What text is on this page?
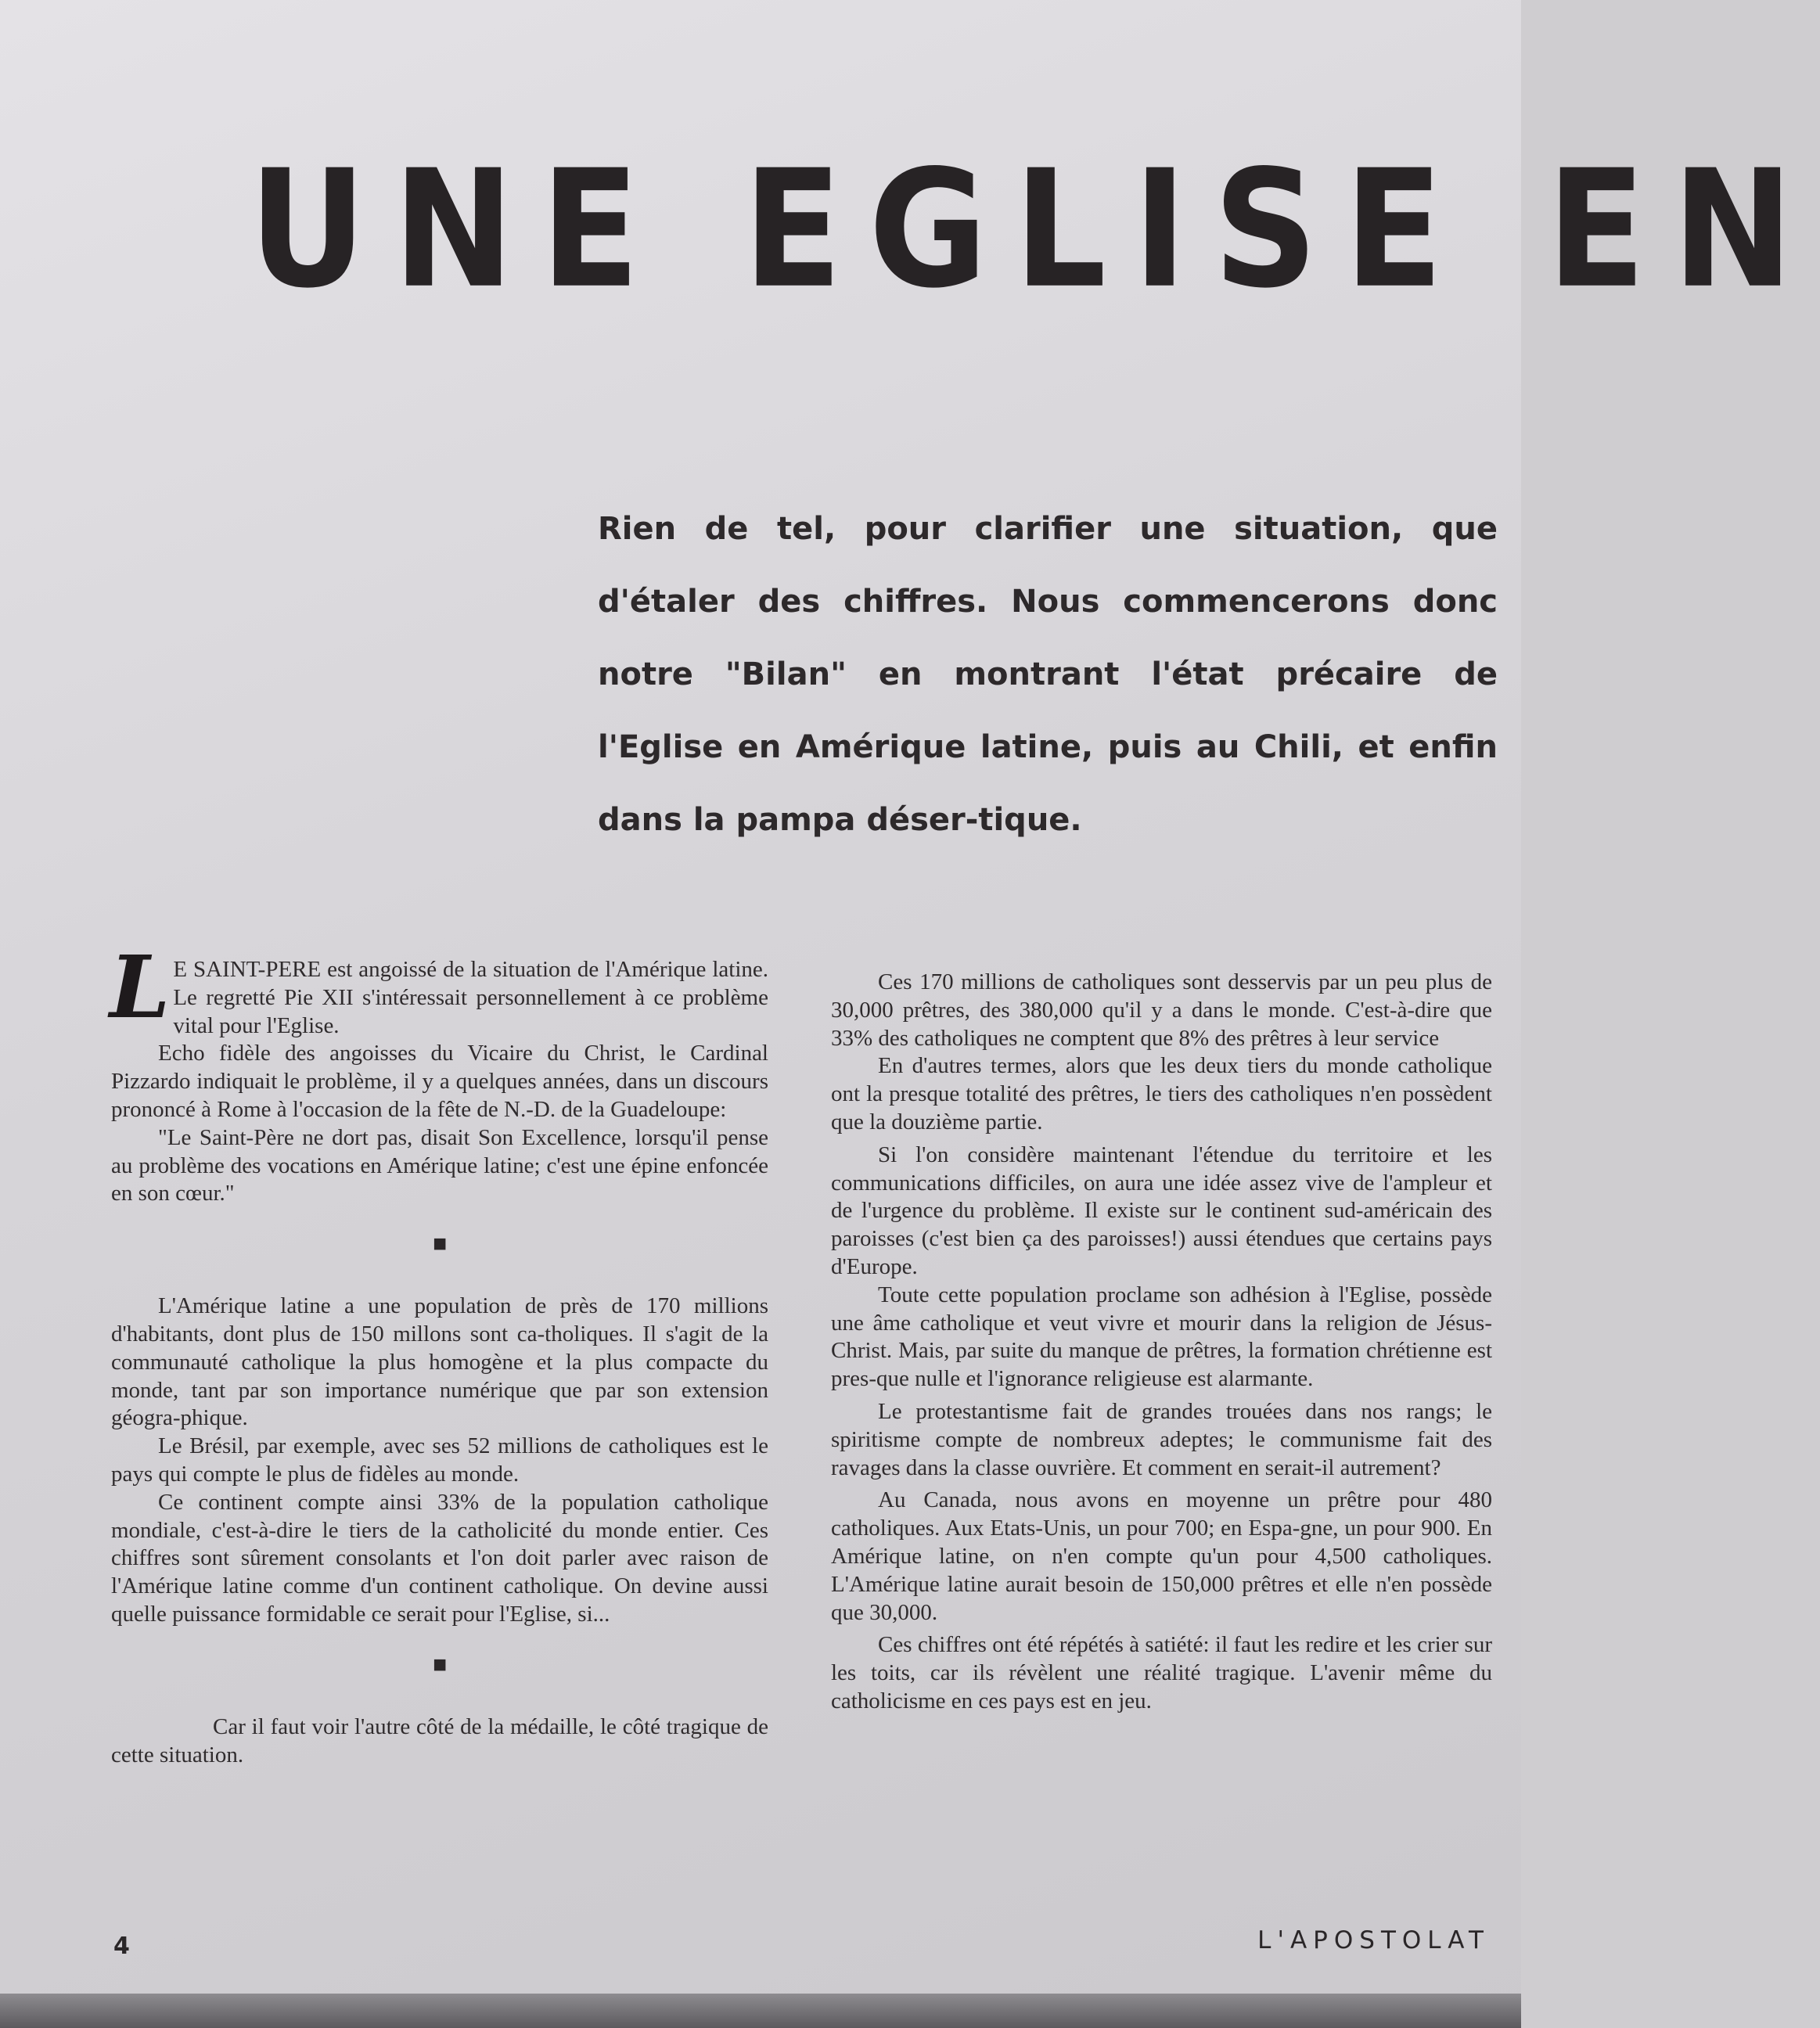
UNE EGLISE EN

Rien de tel, pour clarifier une situation, que d'étaler des chiffres. Nous commencerons donc notre "Bilan" en montrant l'état précaire de l'Eglise en Amérique latine, puis au Chili, et enfin dans la pampa déser-tique.

L E SAINT-PERE est angoissé de la situation de l'Amérique latine. Le regretté Pie XII s'intéressait personnellement à ce problème vital pour l'Eglise.

Echo fidèle des angoisses du Vicaire du Christ, le Cardinal Pizzardo indiquait le problème, il y a quelques années, dans un discours prononcé à Rome à l'occasion de la fête de N.-D. de la Guadeloupe:

"Le Saint-Père ne dort pas, disait Son Excellence, lorsqu'il pense au problème des vocations en Amérique latine; c'est une épine enfoncée en son cœur."

■

L'Amérique latine a une population de près de 170 millions d'habitants, dont plus de 150 millons sont ca-tholiques. Il s'agit de la communauté catholique la plus homogène et la plus compacte du monde, tant par son importance numérique que par son extension géogra-phique.

Le Brésil, par exemple, avec ses 52 millions de catholiques est le pays qui compte le plus de fidèles au monde.

Ce continent compte ainsi 33% de la population catholique mondiale, c'est-à-dire le tiers de la catholicité du monde entier. Ces chiffres sont sûrement consolants et l'on doit parler avec raison de l'Amérique latine comme d'un continent catholique. On devine aussi quelle puissance formidable ce serait pour l'Eglise, si...

■

Car il faut voir l'autre côté de la médaille, le côté tragique de cette situation.

Ces 170 millions de catholiques sont desservis par un peu plus de 30,000 prêtres, des 380,000 qu'il y a dans le monde. C'est-à-dire que 33% des catholiques ne comptent que 8% des prêtres à leur service

En d'autres termes, alors que les deux tiers du monde catholique ont la presque totalité des prêtres, le tiers des catholiques n'en possèdent que la douzième partie.

Si l'on considère maintenant l'étendue du territoire et les communications difficiles, on aura une idée assez vive de l'ampleur et de l'urgence du problème. Il existe sur le continent sud-américain des paroisses (c'est bien ça des paroisses!) aussi étendues que certains pays d'Europe.

Toute cette population proclame son adhésion à l'Eglise, possède une âme catholique et veut vivre et mourir dans la religion de Jésus-Christ. Mais, par suite du manque de prêtres, la formation chrétienne est pres-que nulle et l'ignorance religieuse est alarmante.

Le protestantisme fait de grandes trouées dans nos rangs; le spiritisme compte de nombreux adeptes; le communisme fait des ravages dans la classe ouvrière. Et comment en serait-il autrement?

Au Canada, nous avons en moyenne un prêtre pour 480 catholiques. Aux Etats-Unis, un pour 700; en Espa-gne, un pour 900. En Amérique latine, on n'en compte qu'un pour 4,500 catholiques. L'Amérique latine aurait besoin de 150,000 prêtres et elle n'en possède que 30,000.

Ces chiffres ont été répétés à satiété: il faut les redire et les crier sur les toits, car ils révèlent une réalité tragique. L'avenir même du catholicisme en ces pays est en jeu.

4	L'APOSTOLAT
